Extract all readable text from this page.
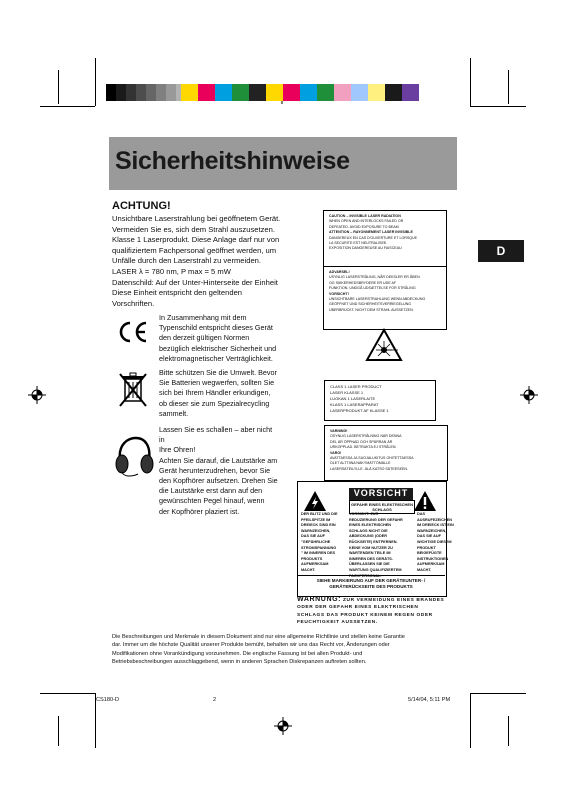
Sicherheitshinweise
D
ACHTUNG!
Unsichtbare Laserstrahlung bei geöffnetem Gerät.
Vermeiden Sie es, sich dem Strahl auszusetzen.
Klasse 1 Laserprodukt. Diese Anlage darf nur von
qualifiziertem Fachpersonal geöffnet werden, um
Unfälle durch den Laserstrahl zu vermeiden.
LASER λ = 780 nm, P max = 5 mW
Datenschild: Auf der Unter-Hinterseite der Einheit
Diese Einheit entspricht den geltenden
Vorschriften.
In Zusammenhang mit dem
Typenschild entspricht dieses Gerät
den derzeit gültigen Normen
bezüglich elektrischer Sicherheit und
elektromagnetischer Verträglichkeit.
Bitte schützen Sie die Umwelt. Bevor
Sie Batterien wegwerfen, sollten Sie
sich bei Ihrem Händler erkundigen,
ob dieser sie zum Spezialrecycling
sammelt.
Lassen Sie es schallen – aber nicht in
Ihre Ohren!
Achten Sie darauf, die Lautstärke am
Gerät herunterzudrehen, bevor Sie
den Kopfhörer aufsetzen. Drehen Sie
die Lautstärke erst dann auf den
gewünschten Pegel hinauf, wenn
der Kopfhörer plaziert ist.
CAUTION – INVISIBLE LASER RADIATION
WHEN OPEN AND INTERLOCKS FAILED OR
DEFEATED. AVOID EXPOSURE TO BEAM
ATTENTION – RAYONNEMENT LASER INVISIBLE
DANGEREUX EN CAS D'OUVERTURE ET LORSQUE
LA SECURITE EST NEUTRALISEE.
EXPOSITION DANGEREUSE AU FAISCEAU
ADVARSEL!
USYNLIG LASERSTRÅLING, NÅR DEKSLER ER ÅBEN
OG SIKKERHEDSBRYDERE ER UDE AF
FUNKTION. UNDGÅ UDSÆTTELSE FOR STRÅLING
VORSICHT!
UNSICHTBARE LASERSTRAHLUNG WENN ABDECKUNG
GEÖFFNET UND SICHERHEITSVERRIEGELUNG
ÜBERBRÜCKT. NICHT DEM STRAHL AUSSETZEN.
CLASS 1 LASER PRODUCT
LASER KLASSE 1
LUOKAN 1 LASERLAITE
KLASS 1 LASERAPPARAT
LASERPRODUKT AF KLASSE 1
VARNING!
OSYNLIG LASERSTRÅLNING NÄR DENNA
DEL ÄR ÖPPNAD OCH SPÄRRAN ÄR
URKOPPLAD. BETRAKTA EJ STRÅLEN.
VARO!
AVATTAESSA JA SUOJALUKITUS OHITETTAESSA
OLET ALTTIINA NÄKYMÄTTÖMÄLLE
LASERSÄTEILYLLE. ÄLÄ KATSO SÄTEESEEN.
VORSICHT
GEFAHR EINES ELEKTRISCHEN SCHLAGS
DER BLITZ UND DIE
PFEILSPITZE IM
DREIECK SIND EIN
WARNZEICHEN,
DAS SIE AUF
"GEFÄHRLICHE
STROMSPANNUNG
" IM INNEREN DES
PRODUKTS
AUFMERKSAM
MACHT.
VORSICHT: ZUR
REDUZIERUNG DER GEFAHR
EINES ELEKTRISCHEN
SCHLAGS NICHT DIE
ABDECKUNG (ODER
RÜCKSEITE) ENTFERNEN.
KEINE VOM NUTZER ZU
WARTENDEN TEILE IM
INNEREN DES GERÄTS.
ÜBERLASSEN SIE DIE
WARTUNG QUALIFIZIERTEM
FACHPERSONAL.
DAS
AUSRUFEZEICHEN
IM DREIECK IST EIN
WARNZEICHEN,
DAS SIE AUF
WICHTIGE DIESEM
PRODUKT
BEIGEFÜGTE
INSTRUKTIONEN
AUFMERKSAM
MACHT.
SIEHE MARKIERUNG AUF DER GERÄTEUNTER- /
GERÄTERÜCKSEITE DES PRODUKTS
WARNUNG: ZUR VERMEIDUNG EINES BRANDES
ODER DER GEFAHR EINES ELEKTRISCHEN
SCHLAGS DAS PRODUKT KEINEM REGEN ODER
FEUCHTIGKEIT AUSSETZEN.
Die Beschreibungen und Merkmale in diesem Dokument sind nur eine allgemeine Richtlinie und stellen keine Garantie
dar. Immer um die höchste Qualität unserer Produkte bemüht, behalten wir uns das Recht vor, Änderungen oder
Modifikationen ohne Vorankündigung vorzunehmen. Die englische Fassung ist bei allen Produkt- und
Betriebsbeschreibungen ausschlaggebend, wenn in anderen Sprachen Diskrepanzen auftreten sollten.
CS180-D	2	5/14/04, 5:11 PM
